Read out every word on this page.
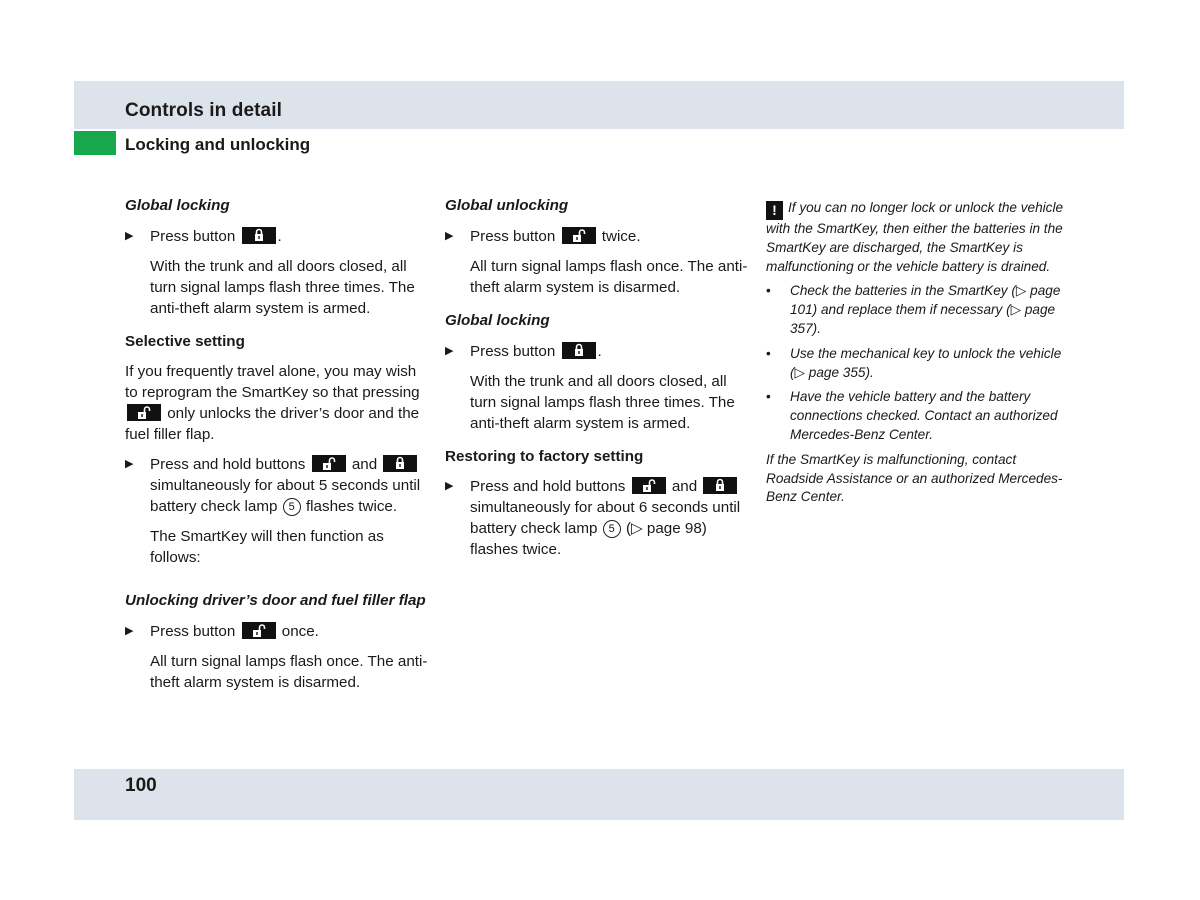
Controls in detail
Locking and unlocking

Global locking

▶ Press button	.

With the trunk and all doors closed, all turn signal lamps flash three times. The anti-theft alarm system is armed.

Selective setting

If you frequently travel alone, you may wish to reprogram the SmartKey so that pressing
only unlocks the driver’s door and the fuel filler flap.

▶ Press and hold buttons	and
simultaneously for about 5 seconds until battery check lamp 5 flashes twice.

The SmartKey will then function as follows:

Unlocking driver’s door and fuel filler flap

▶ Press button	once.

All turn signal lamps flash once. The anti-theft alarm system is disarmed.

Global unlocking

▶ Press button	twice.

All turn signal lamps flash once. The anti-theft alarm system is disarmed.

Global locking

▶ Press button	.

With the trunk and all doors closed, all turn signal lamps flash three times. The anti-theft alarm system is armed.

Restoring to factory setting

▶ Press and hold buttons	and
simultaneously for about 6 seconds until battery check lamp 5 (▷ page 98) flashes twice.

! If you can no longer lock or unlock the vehicle with the SmartKey, then either the batteries in the SmartKey are discharged, the SmartKey is malfunctioning or the vehicle battery is drained.

• Check the batteries in the SmartKey (▷ page 101) and replace them if necessary (▷ page 357).

• Use the mechanical key to unlock the vehicle (▷ page 355).

• Have the vehicle battery and the battery connections checked. Contact an authorized Mercedes-Benz Center.

If the SmartKey is malfunctioning, contact Roadside Assistance or an authorized Mercedes-Benz Center.

100
